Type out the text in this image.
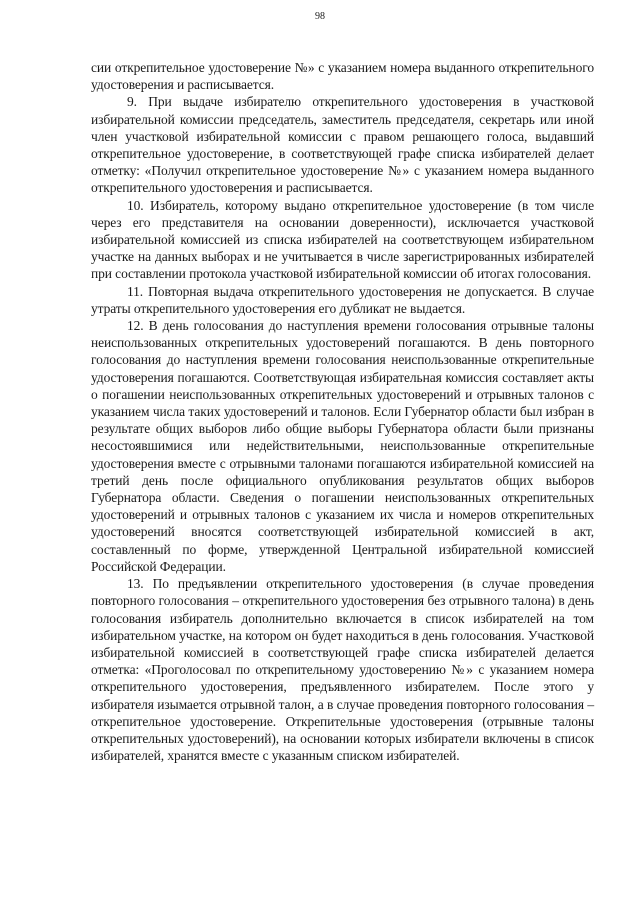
98

сии открепительное удостоверение №» с указанием номера выданного открепительного удостоверения и расписывается.

9. При выдаче избирателю открепительного удостоверения в участковой избирательной комиссии председатель, заместитель председателя, секретарь или иной член участковой избирательной комиссии с правом решающего голоса, выдавший открепительное удостоверение, в соответствующей графе списка избирателей делает отметку: «Получил открепительное удостоверение №» с указанием номера выданного открепительного удостоверения и расписывается.

10. Избиратель, которому выдано открепительное удостоверение (в том числе через его представителя на основании доверенности), исключается участковой избирательной комиссией из списка избирателей на соответствующем избирательном участке на данных выборах и не учитывается в числе зарегистрированных избирателей при составлении протокола участковой избирательной комиссии об итогах голосования.

11. Повторная выдача открепительного удостоверения не допускается. В случае утраты открепительного удостоверения его дубликат не выдается.

12. В день голосования до наступления времени голосования отрывные талоны неиспользованных открепительных удостоверений погашаются. В день повторного голосования до наступления времени голосования неиспользованные открепительные удостоверения погашаются. Соответствующая избирательная комиссия составляет акты о погашении неиспользованных открепительных удостоверений и отрывных талонов с указанием числа таких удостоверений и талонов. Если Губернатор области был избран в результате общих выборов либо общие выборы Губернатора области были признаны несостоявшимися или недействительными, неиспользованные открепительные удостоверения вместе с отрывными талонами погашаются избирательной комиссией на третий день после официального опубликования результатов общих выборов Губернатора области. Сведения о погашении неиспользованных открепительных удостоверений и отрывных талонов с указанием их числа и номеров открепительных удостоверений вносятся соответствующей избирательной комиссией в акт, составленный по форме, утвержденной Центральной избирательной комиссией Российской Федерации.

13. По предъявлении открепительного удостоверения (в случае проведения повторного голосования – открепительного удостоверения без отрывного талона) в день голосования избиратель дополнительно включается в список избирателей на том избирательном участке, на котором он будет находиться в день голосования. Участковой избирательной комиссией в соответствующей графе списка избирателей делается отметка: «Проголосовал по открепительному удостоверению №» с указанием номера открепительного удостоверения, предъявленного избирателем. После этого у избирателя изымается отрывной талон, а в случае проведения повторного голосования – открепительное удостоверение. Открепительные удостоверения (отрывные талоны открепительных удостоверений), на основании которых избиратели включены в список избирателей, хранятся вместе с указанным списком избирателей.
